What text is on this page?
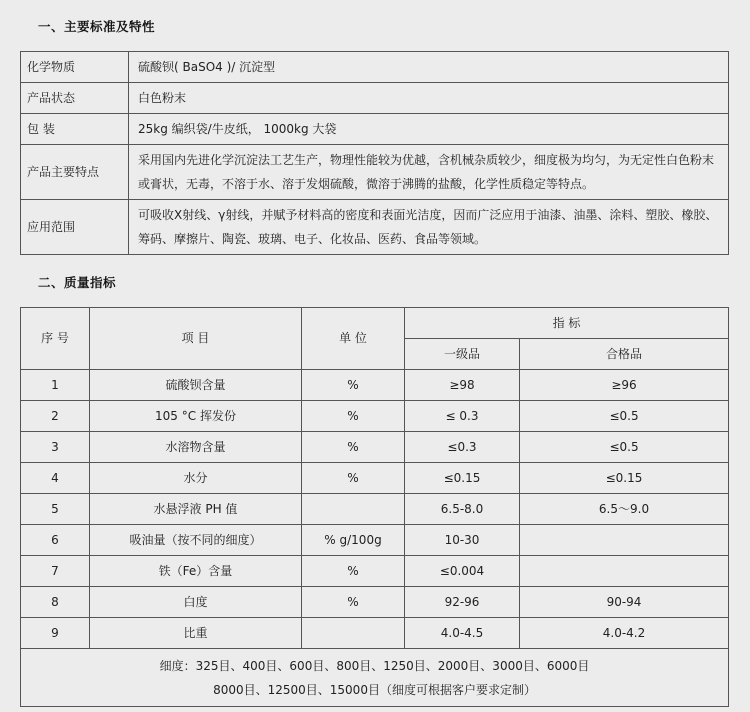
一、主要标准及特性
化学物质	硫酸钡( BaSO4 )/ 沉淀型
产品状态	白色粉末
包 装	25kg 编织袋/牛皮纸， 1000kg 大袋
产品主要特点	采用国内先进化学沉淀法工艺生产，物理性能较为优越，含机械杂质较少，细度极为均匀，为无定性白色粉末或膏状，无毒，不溶于水、溶于发烟硫酸，微溶于沸腾的盐酸，化学性质稳定等特点。
应用范围	可吸收X射线、γ射线，并赋予材料高的密度和表面光洁度，因而广泛应用于油漆、油墨、涂料、塑胶、橡胶、筹码、摩擦片、陶瓷、玻璃、电子、化妆品、医药、食品等领域。
二、质量指标
序 号	项 目	单 位	指 标	
			一级品	合格品
1	硫酸钡含量	%	≥98	≥96
2	105 °C 挥发份	%	≤ 0.3	≤0.5
3	水溶物含量	%	≤0.3	≤0.5
4	水分	%	≤0.15	≤0.15
5	水悬浮液 PH 值		6.5-8.0	6.5～9.0
6	吸油量（按不同的细度）	% g/100g	10-30	
7	铁（Fe）含量	%	≤0.004	
8	白度	%	92-96	90-94
9	比重		4.0-4.5	4.0-4.2

细度：325目、400目、600目、800目、1250目、2000目、3000目、6000目
8000目、12500目、15000目（细度可根据客户要求定制）				
